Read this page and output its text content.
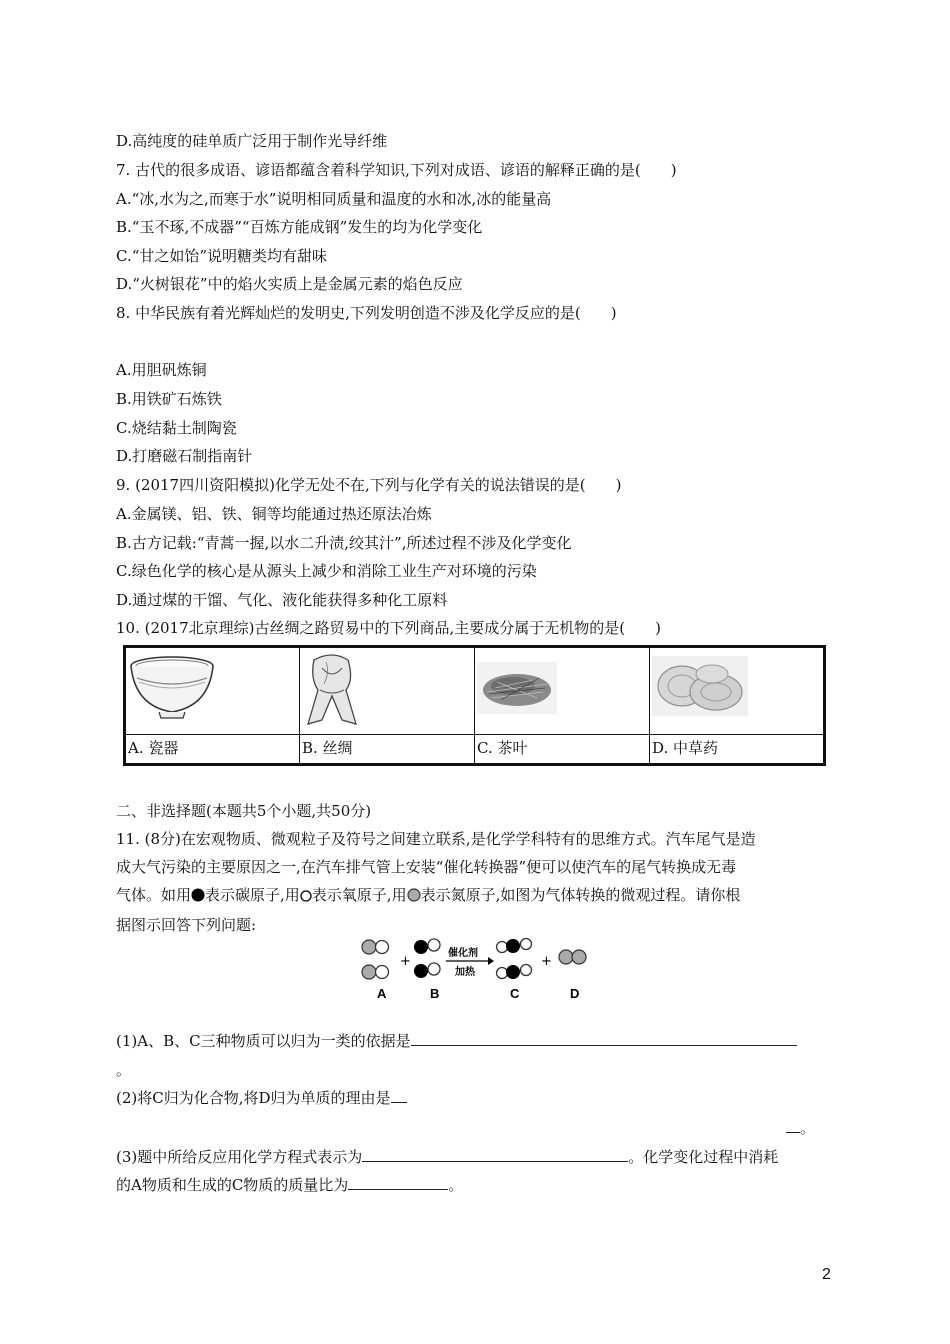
D.高纯度的硅单质广泛用于制作光导纤维
7. 古代的很多成语、谚语都蕴含着科学知识,下列对成语、谚语的解释正确的是(　　)
A.“冰,水为之,而寒于水”说明相同质量和温度的水和冰,冰的能量高
B.“玉不琢,不成器”“百炼方能成钢”发生的均为化学变化
C.“甘之如饴”说明糖类均有甜味
D.“火树银花”中的焰火实质上是金属元素的焰色反应
8. 中华民族有着光辉灿烂的发明史,下列发明创造不涉及化学反应的是(　　)
A.用胆矾炼铜
B.用铁矿石炼铁
C.烧结黏土制陶瓷
D.打磨磁石制指南针
9. (2017四川资阳模拟)化学无处不在,下列与化学有关的说法错误的是(　　)
A.金属镁、铝、铁、铜等均能通过热还原法冶炼
B.古方记载:“青蒿一握,以水二升渍,绞其汁”,所述过程不涉及化学变化
C.绿色化学的核心是从源头上减少和消除工业生产对环境的污染
D.通过煤的干馏、气化、液化能获得多种化工原料
10. (2017北京理综)古丝绸之路贸易中的下列商品,主要成分属于无机物的是(　　)
A. 瓷器	B. 丝绸	C. 茶叶	D. 中草药
二、非选择题(本题共5个小题,共50分)
11. (8分)在宏观物质、微观粒子及符号之间建立联系,是化学学科特有的思维方式。汽车尾气是造
成大气污染的主要原因之一,在汽车排气管上安装“催化转换器”便可以使汽车的尾气转换成无毒
气体。如用 表示碳原子,用 表示氧原子,用 表示氮原子,如图为气体转换的微观过程。请你根
据图示回答下列问题:
+
催化剂
加热
+
A	B	C	D
(1)A、B、C三种物质可以归为一类的依据是
。
(2)将C归为化合物,将D归为单质的理由是
。
(3)题中所给反应用化学方程式表示为	。化学变化过程中消耗
的A物质和生成的C物质的质量比为	。
2
